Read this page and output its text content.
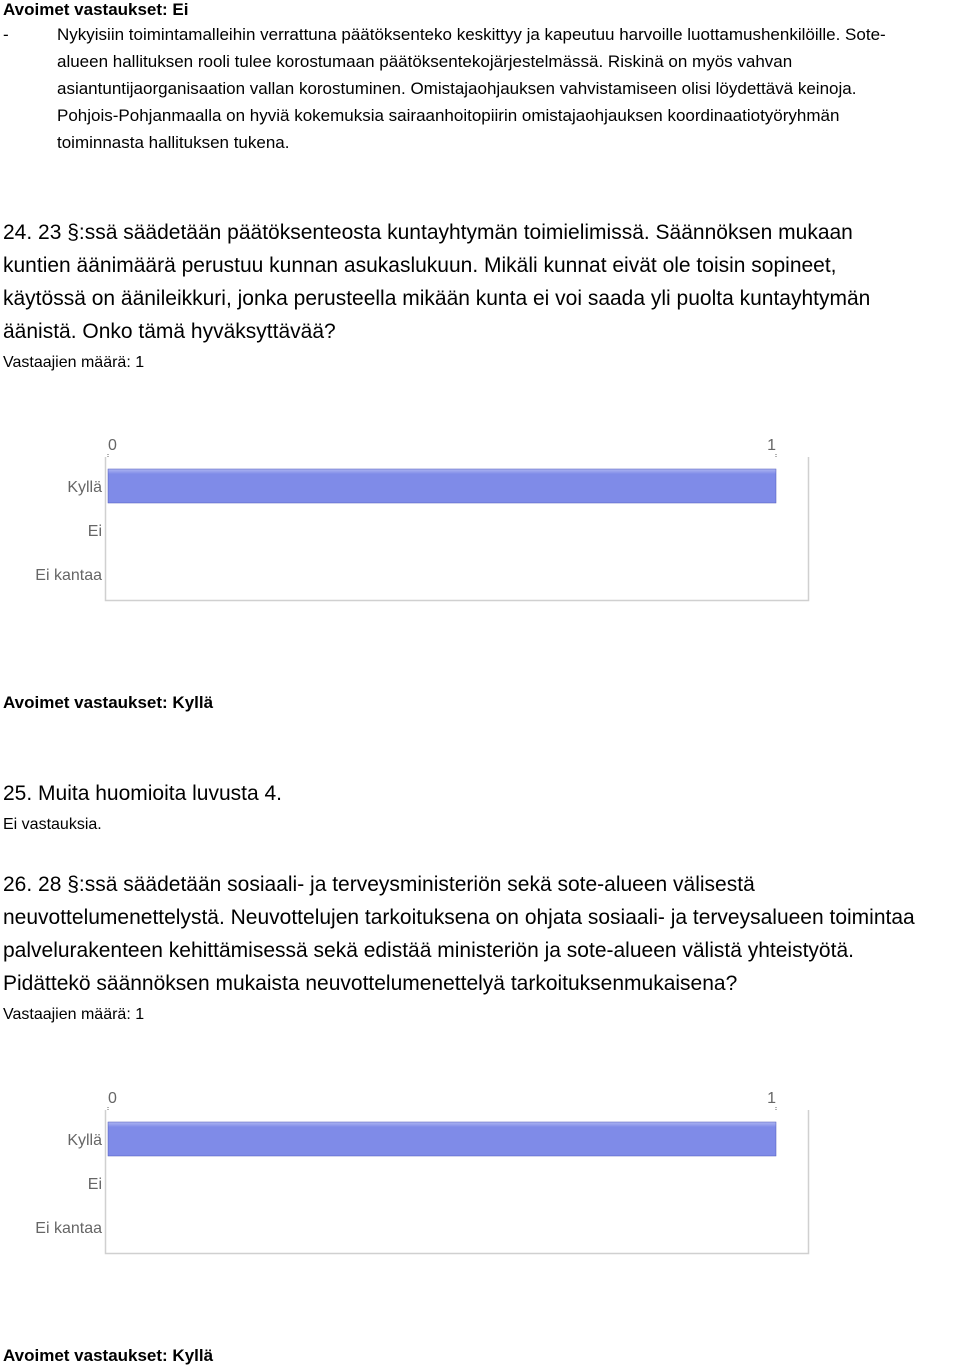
Avoimet vastaukset: Ei
-	Nykyisiin toimintamalleihin verrattuna päätöksenteko keskittyy ja kapeutuu harvoille luottamushenkilöille. Sote-
alueen hallituksen rooli tulee korostumaan päätöksentekojärjestelmässä. Riskinä on myös vahvan
asiantuntijaorganisaation vallan korostuminen. Omistajaohjauksen vahvistamiseen olisi löydettävä keinoja.
Pohjois-Pohjanmaalla on hyviä kokemuksia sairaanhoitopiirin omistajaohjauksen koordinaatiotyöryhmän
toiminnasta hallituksen tukena.
24. 23 §:ssä säädetään päätöksenteosta kuntayhtymän toimielimissä. Säännöksen mukaan
kuntien äänimäärä perustuu kunnan asukaslukuun. Mikäli kunnat eivät ole toisin sopineet,
käytössä on äänileikkuri, jonka perusteella mikään kunta ei voi saada yli puolta kuntayhtymän
äänistä. Onko tämä hyväksyttävää?
Vastaajien määrä: 1
0	1
Kyllä
Ei
Ei kantaa
Avoimet vastaukset: Kyllä
25. Muita huomioita luvusta 4.
Ei vastauksia.
26. 28 §:ssä säädetään sosiaali- ja terveysministeriön sekä sote-alueen välisestä
neuvottelumenettelystä. Neuvottelujen tarkoituksena on ohjata sosiaali- ja terveysalueen toimintaa
palvelurakenteen kehittämisessä sekä edistää ministeriön ja sote-alueen välistä yhteistyötä.
Pidättekö säännöksen mukaista neuvottelumenettelyä tarkoituksenmukaisena?
Vastaajien määrä: 1
0	1
Kyllä
Ei
Ei kantaa
Avoimet vastaukset: Kyllä
